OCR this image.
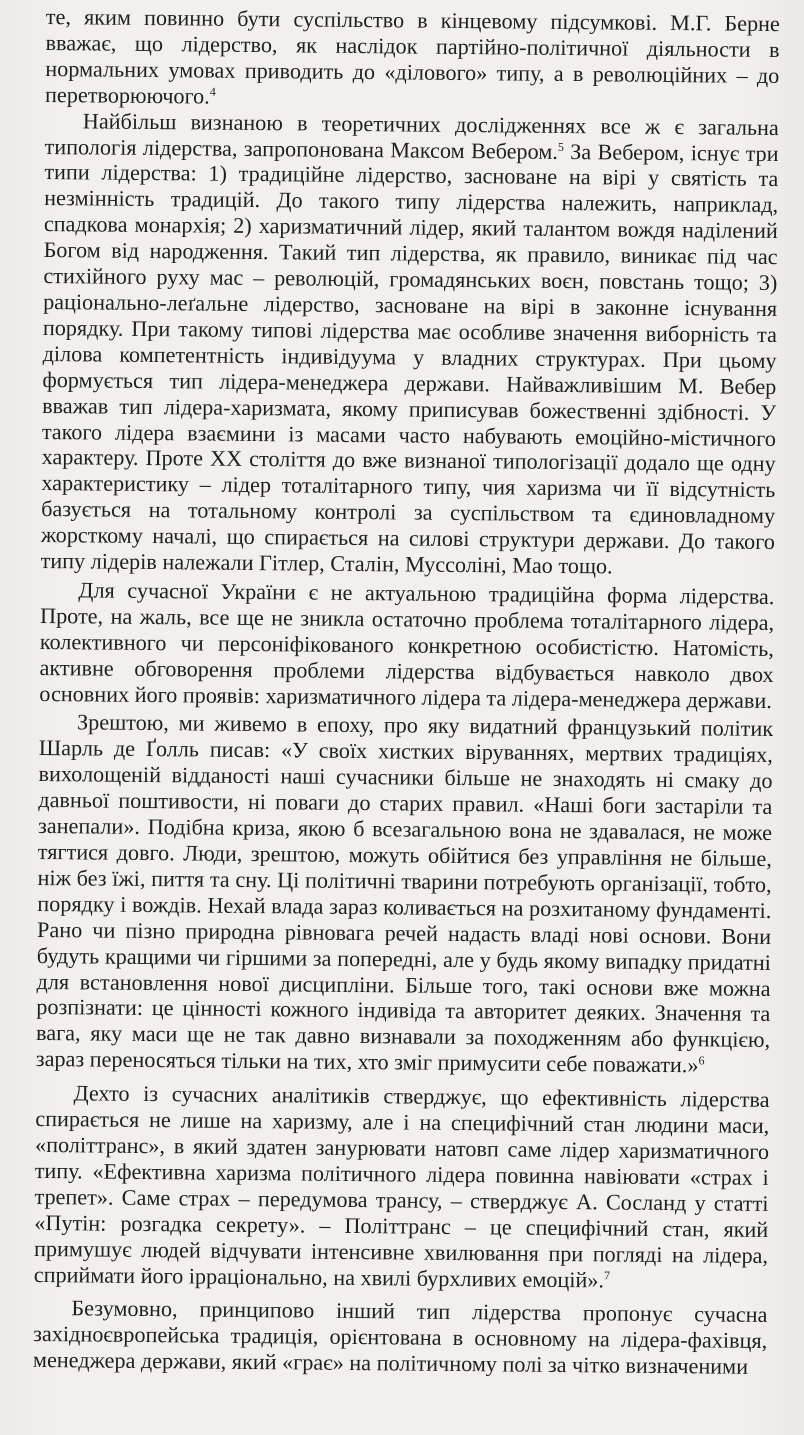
те, яким повинно бути суспільство в кінцевому підсумкові. М.Г. Берне вважає, що лідерство, як наслідок партійно-політичної діяльности в нормальних умовах приводить до «ділового» типу, а в революційних – до перетворюючого.$^4$

Найбільш визнаною в теоретичних дослідженнях все ж є загальна типологія лідерства, запропонована Максом Вебером.$^5$ За Вебером, існує три типи лідерства: 1) традиційне лідерство, засноване на вірі у святість та незмінність традицій. До такого типу лідерства належить, наприклад, спадкова монархія; 2) харизматичний лідер, який талантом вождя наділений Богом від народження. Такий тип лідерства, як правило, виникає під час стихійного руху мас – революцій, громадянських воєн, повстань тощо; 3) раціонально-леґальне лідерство, засноване на вірі в законне існування порядку. При такому типові лідерства має особливе значення виборність та ділова компетентність індивідуума у владних структурах. При цьому формується тип лідера-менеджера держави. Найважливішим М. Вебер вважав тип лідера-харизмата, якому приписував божественні здібності. У такого лідера взаємини із масами часто набувають емоційно-містичного характеру. Проте ХХ століття до вже визнаної типологізації додало ще одну характеристику – лідер тоталітарного типу, чия харизма чи її відсутність базується на тотальному контролі за суспільством та єдиновладному жорсткому началі, що спирається на силові структури держави. До такого типу лідерів належали Гітлер, Сталін, Муссоліні, Мао тощо.

Для сучасної України є не актуальною традиційна форма лідерства. Проте, на жаль, все ще не зникла остаточно проблема тоталітарного лідера, колективного чи персоніфікованого конкретною особистістю. Натомість, активне обговорення проблеми лідерства відбувається навколо двох основних його проявів: харизматичного лідера та лідера-менеджера держави.

Зрештою, ми живемо в епоху, про яку видатний французький політик Шарль де Ґолль писав: «У своїх хистких віруваннях, мертвих традиціях, вихолощеній відданості наші сучасники більше не знаходять ні смаку до давньої поштивости, ні поваги до старих правил. «Наші боги застаріли та занепали». Подібна криза, якою б всезагальною вона не здавалася, не може тягтися довго. Люди, зрештою, можуть обійтися без управління не більше, ніж без їжі, пиття та сну. Ці політичні тварини потребують організації, тобто, порядку і вождів. Нехай влада зараз коливається на розхитаному фундаменті. Рано чи пізно природна рівновага речей надасть владі нові основи. Вони будуть кращими чи гіршими за попередні, але у будь якому випадку придатні для встановлення нової дисципліни. Більше того, такі основи вже можна розпізнати: це цінності кожного індивіда та авторитет деяких. Значення та вага, яку маси ще не так давно визнавали за походженням або функцією, зараз переносяться тільки на тих, хто зміг примусити себе поважати.»$^6$

Дехто із сучасних аналітиків стверджує, що ефективність лідерства спирається не лише на харизму, але і на специфічний стан людини маси, «політтранс», в який здатен занурювати натовп саме лідер харизматичного типу. «Ефективна харизма політичного лідера повинна навіювати «страх і трепет». Саме страх – передумова трансу, – стверджує А. Сосланд у статті «Путін: розгадка секрету». – Політтранс – це специфічний стан, який примушує людей відчувати інтенсивне хвилювання при погляді на лідера, сприймати його ірраціонально, на хвилі бурхливих емоцій».$^7$

Безумовно, принципово інший тип лідерства пропонує сучасна західноєвропейська традиція, орієнтована в основному на лідера-фахівця, менеджера держави, який «грає» на політичному полі за чітко визначеними
